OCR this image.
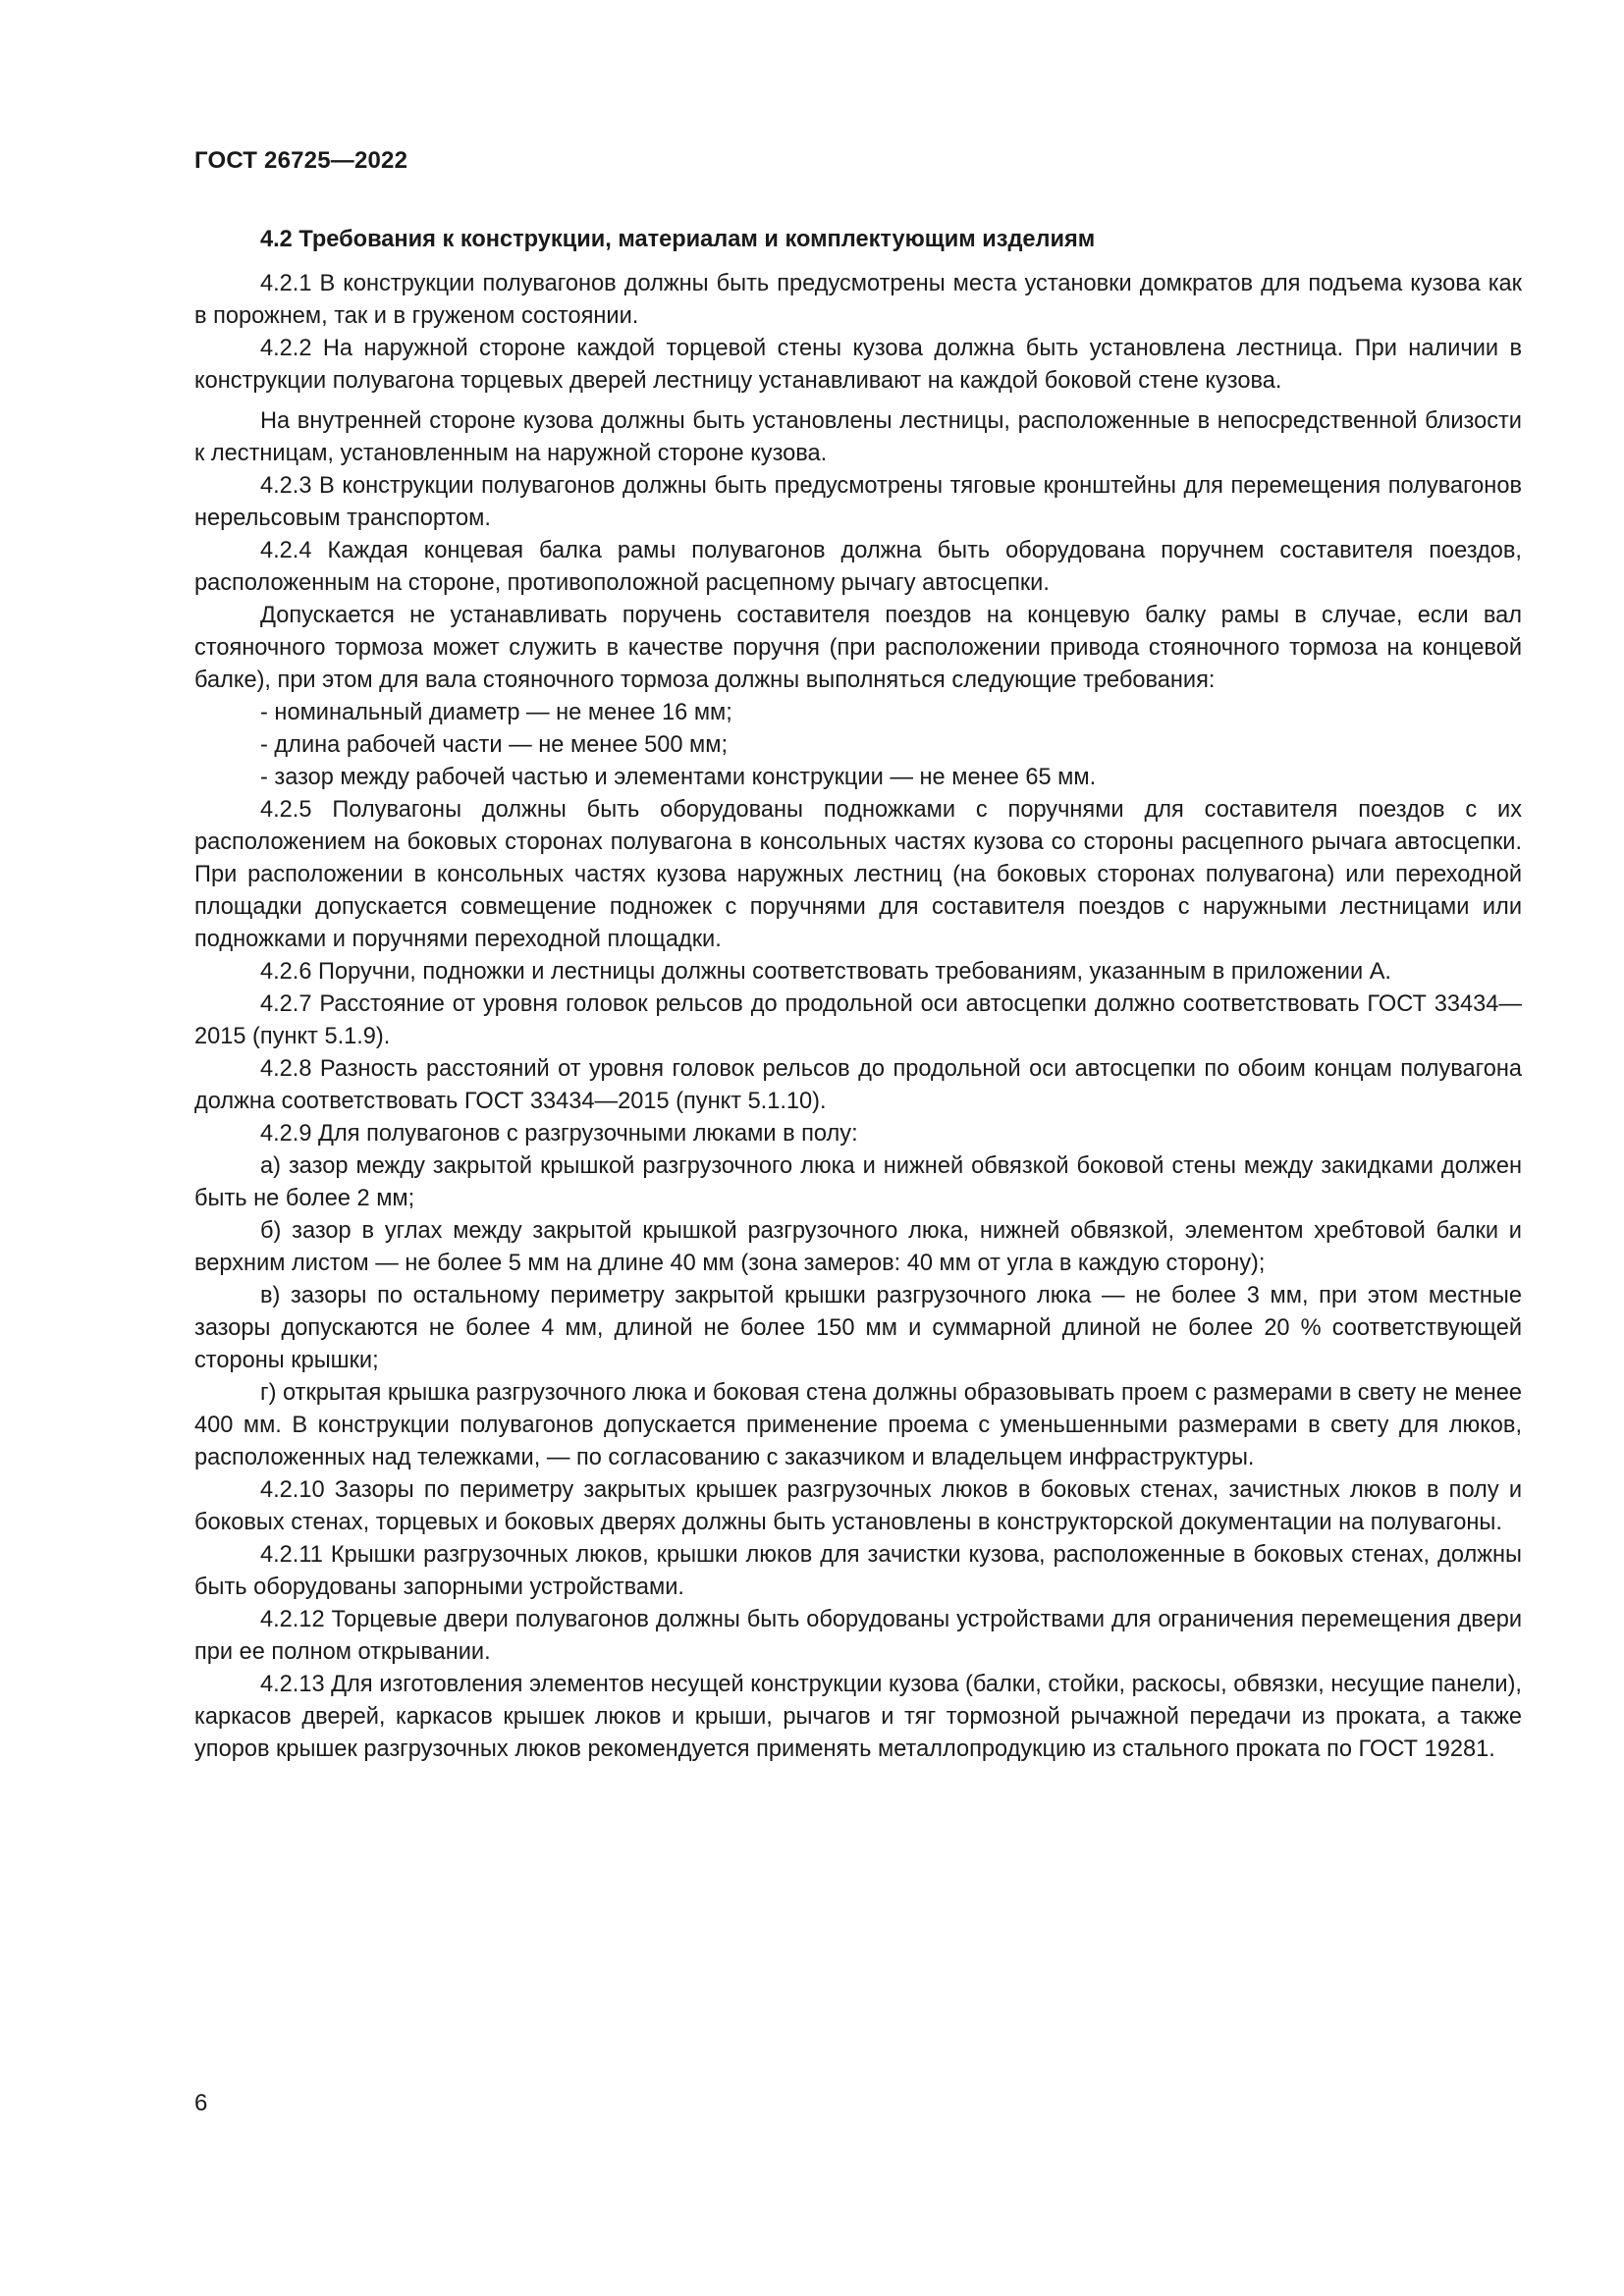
ГОСТ 26725—2022
4.2 Требования к конструкции, материалам и комплектующим изделиям

4.2.1 В конструкции полувагонов должны быть предусмотрены места установки домкратов для подъема кузова как в порожнем, так и в груженом состоянии.

4.2.2 На наружной стороне каждой торцевой стены кузова должна быть установлена лестница. При наличии в конструкции полувагона торцевых дверей лестницу устанавливают на каждой боковой стене кузова.

На внутренней стороне кузова должны быть установлены лестницы, расположенные в непосредственной близости к лестницам, установленным на наружной стороне кузова.

4.2.3 В конструкции полувагонов должны быть предусмотрены тяговые кронштейны для перемещения полувагонов нерельсовым транспортом.

4.2.4 Каждая концевая балка рамы полувагонов должна быть оборудована поручнем составителя поездов, расположенным на стороне, противоположной расцепному рычагу автосцепки.

Допускается не устанавливать поручень составителя поездов на концевую балку рамы в случае, если вал стояночного тормоза может служить в качестве поручня (при расположении привода стояночного тормоза на концевой балке), при этом для вала стояночного тормоза должны выполняться следующие требования:

- номинальный диаметр — не менее 16 мм;

- длина рабочей части — не менее 500 мм;

- зазор между рабочей частью и элементами конструкции — не менее 65 мм.

4.2.5 Полувагоны должны быть оборудованы подножками с поручнями для составителя поездов с их расположением на боковых сторонах полувагона в консольных частях кузова со стороны расцепного рычага автосцепки. При расположении в консольных частях кузова наружных лестниц (на боковых сторонах полувагона) или переходной площадки допускается совмещение подножек с поручнями для составителя поездов с наружными лестницами или подножками и поручнями переходной площадки.

4.2.6 Поручни, подножки и лестницы должны соответствовать требованиям, указанным в приложении А.

4.2.7 Расстояние от уровня головок рельсов до продольной оси автосцепки должно соответствовать ГОСТ 33434—2015 (пункт 5.1.9).

4.2.8 Разность расстояний от уровня головок рельсов до продольной оси автосцепки по обоим концам полувагона должна соответствовать ГОСТ 33434—2015 (пункт 5.1.10).

4.2.9 Для полувагонов с разгрузочными люками в полу:

а) зазор между закрытой крышкой разгрузочного люка и нижней обвязкой боковой стены между закидками должен быть не более 2 мм;

б) зазор в углах между закрытой крышкой разгрузочного люка, нижней обвязкой, элементом хребтовой балки и верхним листом — не более 5 мм на длине 40 мм (зона замеров: 40 мм от угла в каждую сторону);

в) зазоры по остальному периметру закрытой крышки разгрузочного люка — не более 3 мм, при этом местные зазоры допускаются не более 4 мм, длиной не более 150 мм и суммарной длиной не более 20 % соответствующей стороны крышки;

г) открытая крышка разгрузочного люка и боковая стена должны образовывать проем с размерами в свету не менее 400 мм. В конструкции полувагонов допускается применение проема с уменьшенными размерами в свету для люков, расположенных над тележками, — по согласованию с заказчиком и владельцем инфраструктуры.

4.2.10 Зазоры по периметру закрытых крышек разгрузочных люков в боковых стенах, зачистных люков в полу и боковых стенах, торцевых и боковых дверях должны быть установлены в конструкторской документации на полувагоны.

4.2.11 Крышки разгрузочных люков, крышки люков для зачистки кузова, расположенные в боковых стенах, должны быть оборудованы запорными устройствами.

4.2.12 Торцевые двери полувагонов должны быть оборудованы устройствами для ограничения перемещения двери при ее полном открывании.

4.2.13 Для изготовления элементов несущей конструкции кузова (балки, стойки, раскосы, обвязки, несущие панели), каркасов дверей, каркасов крышек люков и крыши, рычагов и тяг тормозной рычажной передачи из проката, а также упоров крышек разгрузочных люков рекомендуется применять металлопродукцию из стального проката по ГОСТ 19281.

6
